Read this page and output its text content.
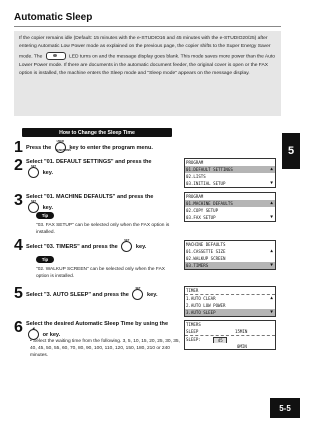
Automatic Sleep
If the copier remains idle (Default: 15 minutes with the e-STUDIO16 and 45 minutes with the e-STUDIO20/25) after entering Automatic Low Power mode as explained on the previous page, the copier shifts to the Super Energy Saver mode. The	LED turns on and the message display goes blank. This mode saves more power than the Auto Lower Power mode. If there are documents in the automatic document feeder, the original cover is open or the FAX option is installed, the machine enters the Sleep mode and "Sleep mode" appears on the message display.
5
5-5
How to Change the Sleep Time
1 Press the
USER FUNCTIONS
key to enter the program menu.
2 Select "01. DEFAULT SETTINGS" and press the
SET
key.
PROGRAM
01.DEFAULT SETTINGS	▲
02.LISTS
03.INITIAL SETUP	▼
3 Select "01. MACHINE DEFAULTS" and press the
SET
key.
Tip
"03. FAX SETUP" can be selected only when the FAX option is installed.
PROGRAM
01.MACHINE DEFAULTS	▲
02.COPY SETUP
03.FAX SETUP	▼
4 Select "03. TIMERS" and press the
SET
key.
Tip
"02. WALKUP SCREEN" can be selected only when the FAX option is installed.
MACHINE DEFAULTS
01.CASSETTE SIZE	▲
02.WALKUP SCREEN
03.TIMERS	▼
5 Select "3. AUTO SLEEP" and press the
SET
key.
TIMER
1.AUTO CLEAR	▲
2.AUTO LOW POWER
3.AUTO SLEEP	▼
6 Select the desired Automatic Sleep Time by using the
◀
or key.
• Select the waiting time from the following. 3, 5, 10, 15, 20, 25, 30, 35, 40, 45, 50, 55, 60, 70, 80, 90, 100, 110, 120, 150, 180, 210 or 240 minutes.
TIMERS
SLEEP	15MIN
SLEEP:	45
0MIN
